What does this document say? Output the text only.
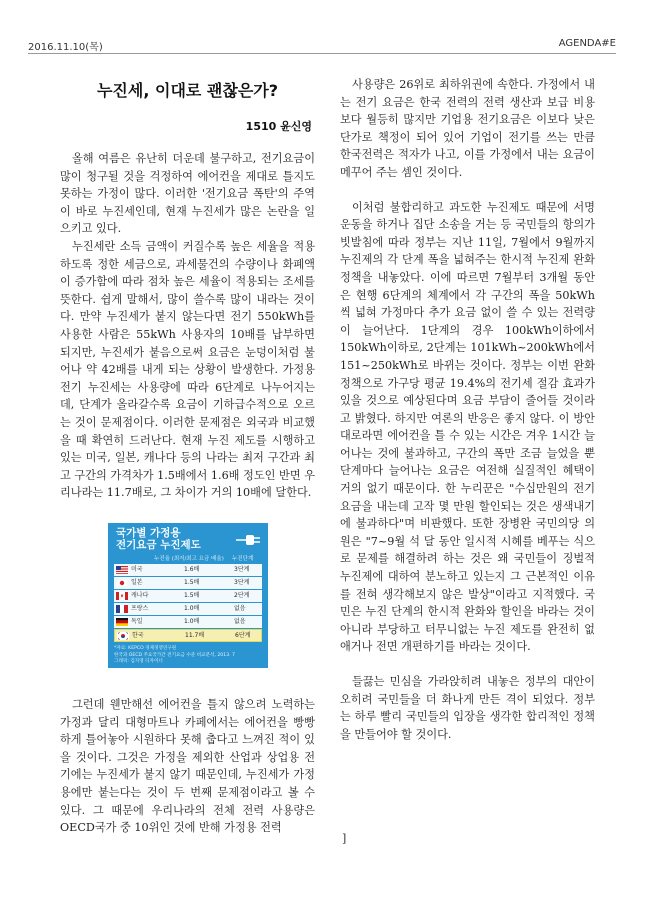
2016.11.10(목)	AGENDA#E
누진세, 이대로 괜찮은가?
1510 윤신영

올해 여름은 유난히 더운데 불구하고, 전기요금이 많이 청구될 것을 걱정하여 에어컨을 제대로 틀지도 못하는 가정이 많다. 이러한 '전기요금 폭탄'의 주역이 바로 누진세인데, 현재 누진세가 많은 논란을 일으키고 있다.

누진세란 소득 금액이 커질수록 높은 세율을 적용하도록 정한 세금으로, 과세물건의 수량이나 화폐액이 증가함에 따라 점차 높은 세율이 적용되는 조세를 뜻한다. 쉽게 말해서, 많이 쓸수록 많이 내라는 것이다. 만약 누진세가 붙지 않는다면 전기 550kWh를 사용한 사람은 55kWh 사용자의 10배를 납부하면 되지만, 누진세가 붙음으로써 요금은 눈덩이처럼 불어나 약 42배를 내게 되는 상황이 발생한다. 가정용 전기 누진세는 사용량에 따라 6단계로 나누어지는데, 단계가 올라갈수록 요금이 기하급수적으로 오르는 것이 문제점이다. 이러한 문제점은 외국과 비교했을 때 확연히 드러난다. 현재 누진 제도를 시행하고 있는 미국, 일본, 캐나다 등의 나라는 최저 구간과 최고 구간의 가격차가 1.5배에서 1.6배 정도인 반면 우리나라는 11.7배로, 그 차이가 거의 10배에 달한다.

국가별 가정용
전기요금 누진제도
누진율 (최저/최고 요금 배율) 누진단계
미국	1.6배	3단계
일본	1.5배	3단계
캐나다	1.5배	2단계
프랑스	1.0배	없음
독일	1.0배	없음
한국	11.7배	6단계
*자료: KEPCO 경제경영연구원
한국과 OECD 주요국가간 전기요금 수준 비교분석, 2013. 7
그래픽: 김지영 디자이너

그런데 웬만해선 에어컨을 틀지 않으려 노력하는 가정과 달리 대형마트나 카페에서는 에어컨을 빵빵하게 틀어놓아 시원하다 못해 춥다고 느껴진 적이 있을 것이다. 그것은 가정을 제외한 산업과 상업용 전기에는 누진세가 붙지 않기 때문인데, 누진세가 가정용에만 붙는다는 것이 두 번째 문제점이라고 볼 수 있다. 그 때문에 우리나라의 전체 전력 사용량은 OECD국가 중 10위인 것에 반해 가정용 전력

사용량은 26위로 최하위권에 속한다. 가정에서 내는 전기 요금은 한국 전력의 전력 생산과 보급 비용보다 월등히 많지만 기업용 전기요금은 이보다 낮은 단가로 책정이 되어 있어 기업이 전기를 쓰는 만큼 한국전력은 적자가 나고, 이를 가정에서 내는 요금이 메꾸어 주는 셈인 것이다.

이처럼 불합리하고 과도한 누진제도 때문에 서명 운동을 하거나 집단 소송을 거는 등 국민들의 항의가 빗발침에 따라 정부는 지난 11일, 7월에서 9월까지 누진제의 각 단계 폭을 넓혀주는 한시적 누진제 완화 정책을 내놓았다. 이에 따르면 7월부터 3개월 동안은 현행 6단계의 체계에서 각 구간의 폭을 50kWh씩 넓혀 가정마다 추가 요금 없이 쓸 수 있는 전력량이 늘어난다. 1단계의 경우 100kWh이하에서 150kWh이하로, 2단계는 101kWh~200kWh에서 151~250kWh로 바뀌는 것이다. 정부는 이번 완화 정책으로 가구당 평균 19.4%의 전기세 절감 효과가 있을 것으로 예상된다며 요금 부담이 줄어들 것이라고 밝혔다. 하지만 여론의 반응은 좋지 않다. 이 방안대로라면 에어컨을 틀 수 있는 시간은 겨우 1시간 늘어나는 것에 불과하고, 구간의 폭만 조금 늘었을 뿐 단계마다 늘어나는 요금은 여전해 실질적인 혜택이 거의 없기 때문이다. 한 누리꾼은 "수십만원의 전기요금을 내는데 고작 몇 만원 할인되는 것은 생색내기에 불과하다"며 비판했다. 또한 장병완 국민의당 의원은 "7~9월 석 달 동안 일시적 시혜를 베푸는 식으로 문제를 해결하려 하는 것은 왜 국민들이 징벌적 누진제에 대하여 분노하고 있는지 그 근본적인 이유를 전혀 생각해보지 않은 발상"이라고 지적했다. 국민은 누진 단계의 한시적 완화와 할인을 바라는 것이 아니라 부당하고 터무니없는 누진 제도를 완전히 없애거나 전면 개편하기를 바라는 것이다.

들끓는 민심을 가라앉히려 내놓은 정부의 대안이 오히려 국민들을 더 화나게 만든 격이 되었다. 정부는 하루 빨리 국민들의 입장을 생각한 합리적인 정책을 만들어야 할 것이다.

]
